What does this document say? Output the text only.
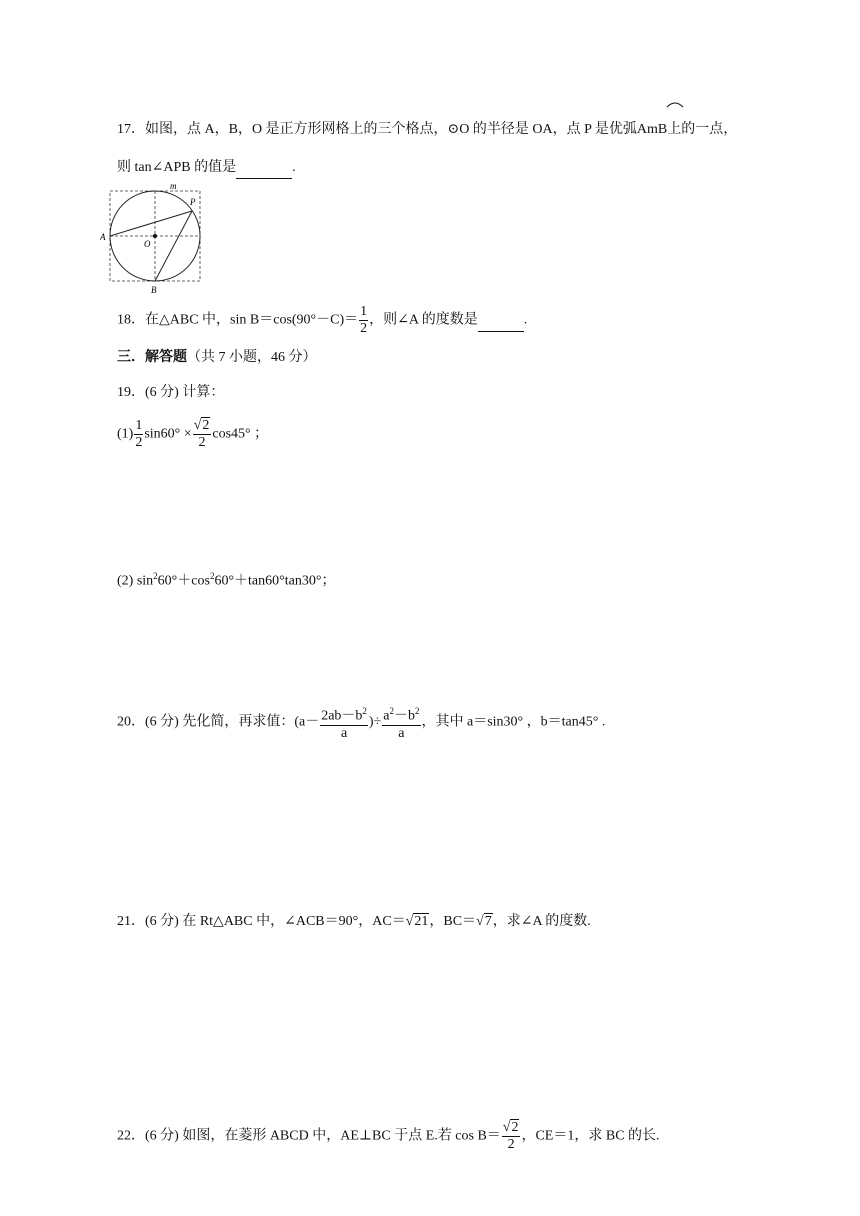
17．如图，点 A，B，O 是正方形网格上的三个格点，⊙O 的半径是 OA，点 P 是优弧AmB上的一点，
则 tan∠APB 的值是	.
m
P
A
O
B
18．在△ABC 中，$\sin B=\cos(90^\circ-C)= \frac{1}{2}$ ，则∠A 的度数是	.
三．解答题（共 7 小题，46 分）
19．(6 分) 计算：
$(1) \frac{1}{2} \sin 60^\circ \times \frac{√2}{2} \cos 45^\circ$ ；
(2) $\sin^260^\circ+\cos^260^\circ+\tan 60^\circ\tan 30^\circ$；
20．(6 分) 先化简，再求值：($a- \frac{2ab-b^2}{a}$ )÷ $\frac{a^2-b^2}{a}$ ，其中 a＝sin30° ，b＝tan45° .
21．(6 分) 在 Rt△ABC 中，∠ACB＝90°，AC＝√21，BC＝√7，求∠A 的度数.
22．(6 分) 如图，在菱形 ABCD 中，AE⊥BC 于点 E.若 $\cos B= \frac{√2}{2}$ ，CE＝1，求 BC 的长.
